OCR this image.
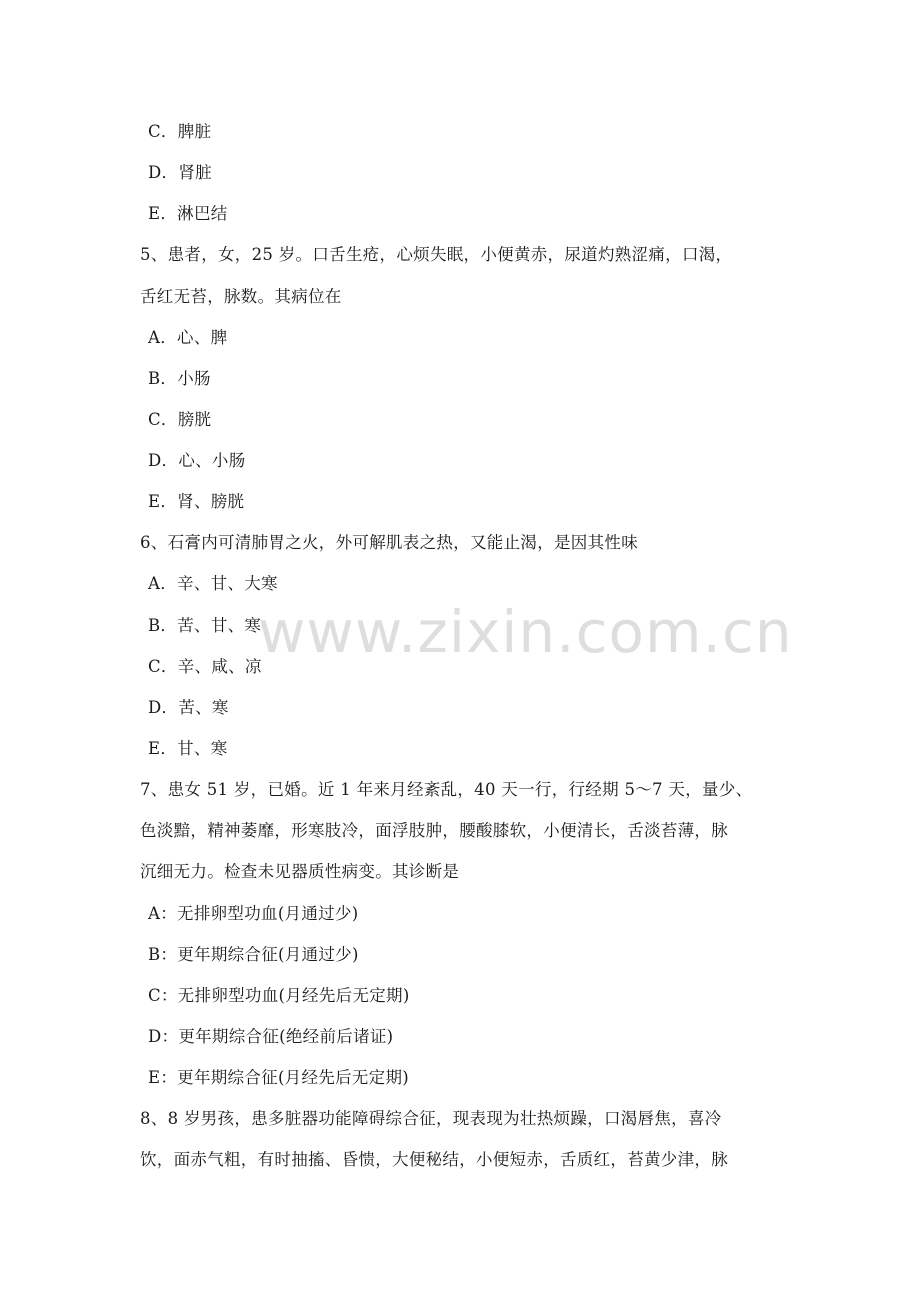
C．脾脏
D．肾脏
E．淋巴结
5、患者，女，25 岁。口舌生疮，心烦失眠，小便黄赤，尿道灼熟涩痛，口渴，
舌红无苔，脉数。其病位在
A．心、脾
B．小肠
C．膀胱
D．心、小肠
E．肾、膀胱
6、石膏内可清肺胃之火，外可解肌表之热，又能止渴，是因其性味
A．辛、甘、大寒
B．苦、甘、寒
C．辛、咸、凉
D．苦、寒
E．甘、寒
7、患女 51 岁，已婚。近 1 年来月经紊乱，40 天一行，行经期 5～7 天，量少、
色淡黯，精神萎靡，形寒肢冷，面浮肢肿，腰酸膝软，小便清长，舌淡苔薄，脉
沉细无力。检查未见器质性病变。其诊断是
A：无排卵型功血(月通过少)
B：更年期综合征(月通过少)
C：无排卵型功血(月经先后无定期)
D：更年期综合征(绝经前后诸证)
E：更年期综合征(月经先后无定期)
8、8 岁男孩，患多脏器功能障碍综合征，现表现为壮热烦躁，口渴唇焦，喜冷
饮，面赤气粗，有时抽搐、昏愦，大便秘结，小便短赤，舌质红，苔黄少津，脉
www.zixin.com.cn
